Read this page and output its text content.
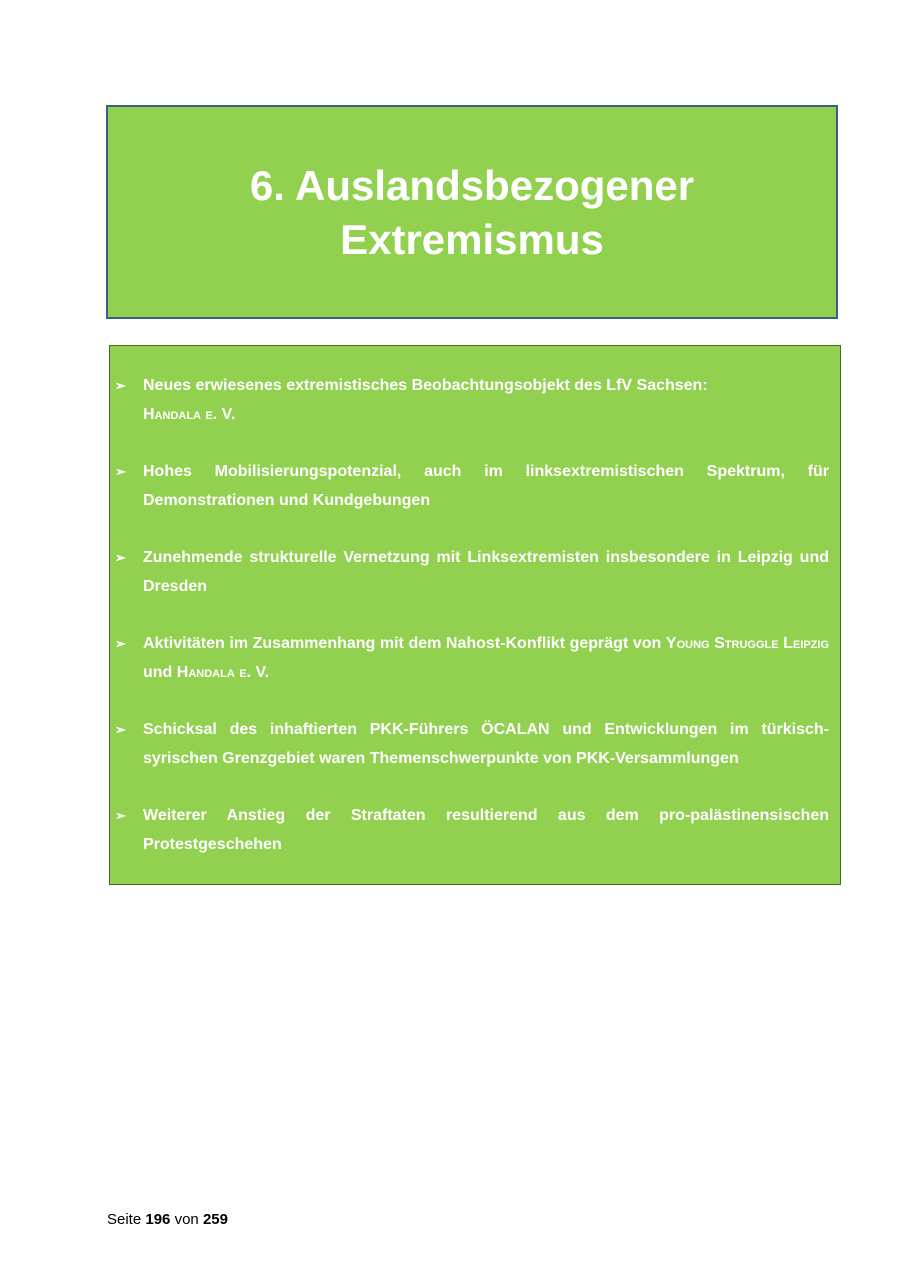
6. Auslandsbezogener
Extremismus
➢ Neues erwiesenes extremistisches Beobachtungsobjekt des LfV Sachsen:
Handala e. V.
➢ Hohes Mobilisierungspotenzial, auch im linksextremistischen Spektrum, für Demonstrationen und Kundgebungen
➢ Zunehmende strukturelle Vernetzung mit Linksextremisten insbesondere in Leipzig und Dresden
➢ Aktivitäten im Zusammenhang mit dem Nahost-Konflikt geprägt von Young Struggle Leipzig und Handala e. V.
➢ Schicksal des inhaftierten PKK-Führers ÖCALAN und Entwicklungen im türkisch-syrischen Grenzgebiet waren Themenschwerpunkte von PKK-Versammlungen
➢ Weiterer Anstieg der Straftaten resultierend aus dem pro-palästinensischen Protestgeschehen
Seite 196 von 259
